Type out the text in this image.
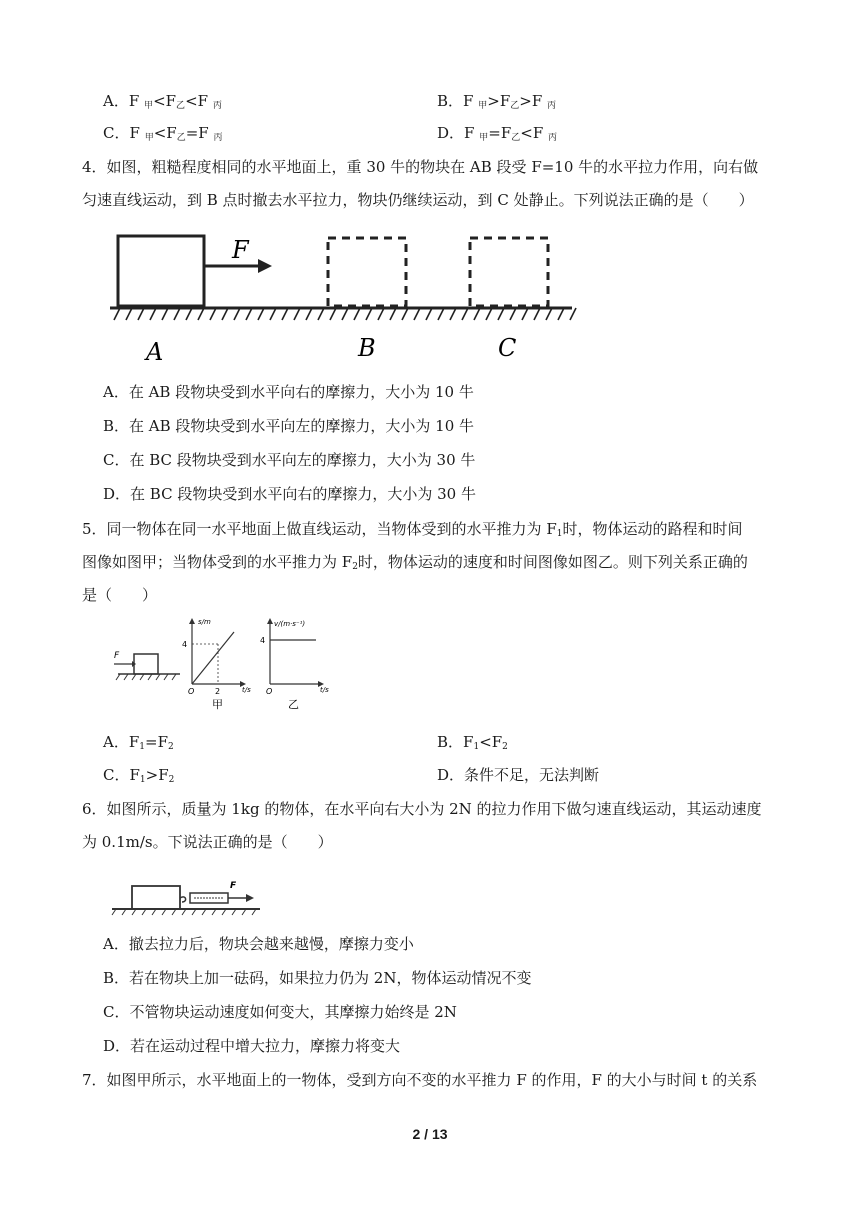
A．F $_甲<F_乙<F$ $_丙$	B．F $_甲>F_乙>F$ $_丙$
C．F $_甲<F_乙=F$ $_丙$	D．F $_甲=F_乙<F$ $_丙$
4．如图，粗糙程度相同的水平地面上，重 30 牛的物块在 AB 段受 F=10 牛的水平拉力作用，向右做
匀速直线运动，到 B 点时撤去水平拉力，物块仍继续运动，到 C 处静止。下列说法正确的是（　　）
F
A	B	C
A．在 AB 段物块受到水平向右的摩擦力，大小为 10 牛
B．在 AB 段物块受到水平向左的摩擦力，大小为 10 牛
C．在 BC 段物块受到水平向左的摩擦力，大小为 30 牛
D．在 BC 段物块受到水平向右的摩擦力，大小为 30 牛
5．同一物体在同一水平地面上做直线运动，当物体受到的水平推力为 $F_1$时，物体运动的路程和时间
图像如图甲；当物体受到的水平推力为 $F_2$时，物体运动的速度和时间图像如图乙。则下列关系正确的
是（　　）
F
s/m
4
O	2	t/s
甲
v/(m·s⁻¹)
4
O	t/s
乙
A．$F_1=F_2$	B．$F_1<F_2$
C．$F_1>F_2$	D．条件不足，无法判断
6．如图所示，质量为 1kg 的物体，在水平向右大小为 2N 的拉力作用下做匀速直线运动，其运动速度
为 0.1m/s。下说法正确的是（　　）
F
A．撤去拉力后，物块会越来越慢，摩擦力变小
B．若在物块上加一砝码，如果拉力仍为 2N，物体运动情况不变
C．不管物块运动速度如何变大，其摩擦力始终是 2N
D．若在运动过程中增大拉力，摩擦力将变大
7．如图甲所示，水平地面上的一物体，受到方向不变的水平推力 F 的作用，F 的大小与时间 t 的关系
2 / 13
